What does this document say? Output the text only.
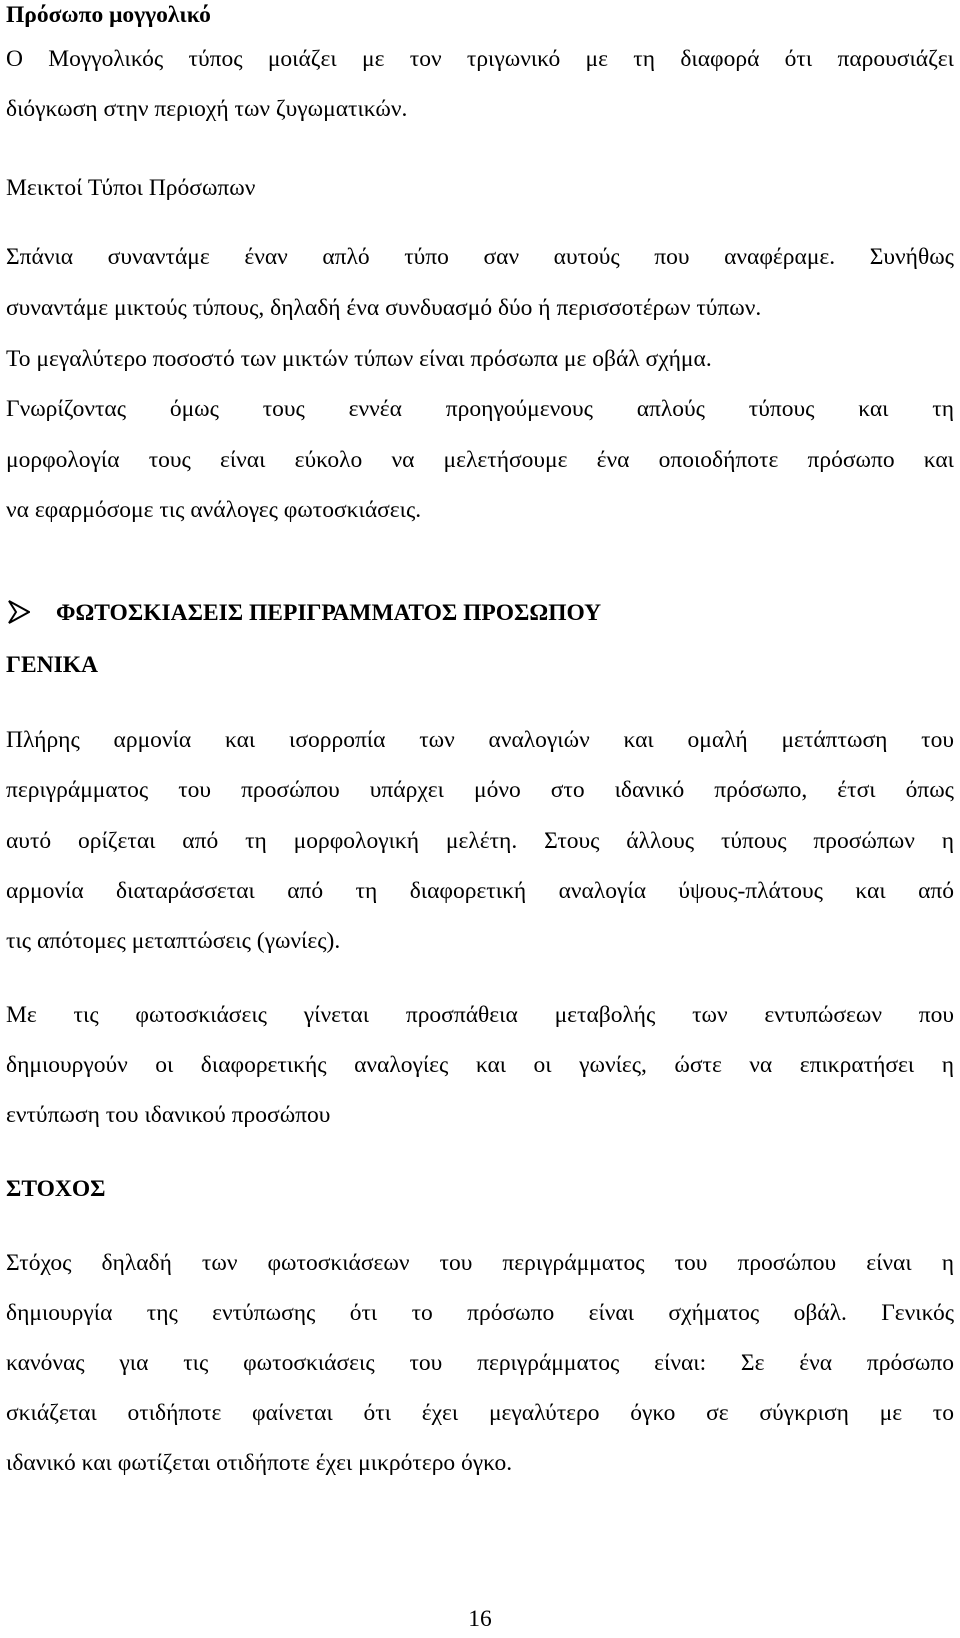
Πρόσωπο μογγολικό
Ο Μογγολικός τύπος μοιάζει με τον τριγωνικό με τη διαφορά ότι παρουσιάζει
διόγκωση στην περιοχή των ζυγωματικών.
Μεικτοί Τύποι Πρόσωπων
Σπάνια συναντάμε έναν απλό τύπο σαν αυτούς που αναφέραμε. Συνήθως
συναντάμε μικτούς τύπους, δηλαδή ένα συνδυασμό δύο ή περισσοτέρων τύπων.
Το μεγαλύτερο ποσοστό των μικτών τύπων είναι πρόσωπα με οβάλ σχήμα.
Γνωρίζοντας όμως τους εννέα προηγούμενους απλούς τύπους και τη
μορφολογία τους είναι εύκολο να μελετήσουμε ένα οποιοδήποτε πρόσωπο και
να εφαρμόσομε τις ανάλογες φωτοσκιάσεις.
ΦΩΤΟΣΚΙΑΣΕΙΣ ΠΕΡΙΓΡΑΜΜΑΤΟΣ ΠΡΟΣΩΠΟΥ
ΓΕΝΙΚΑ
Πλήρης αρμονία και ισορροπία των αναλογιών και ομαλή μετάπτωση του
περιγράμματος του προσώπου υπάρχει μόνο στο ιδανικό πρόσωπο, έτσι όπως
αυτό ορίζεται από τη μορφολογική μελέτη. Στους άλλους τύπους προσώπων η
αρμονία διαταράσσεται από τη διαφορετική αναλογία ύψους-πλάτους και από
τις απότομες μεταπτώσεις (γωνίες).
Με τις φωτοσκιάσεις γίνεται προσπάθεια μεταβολής των εντυπώσεων που
δημιουργούν οι διαφορετικής αναλογίες και οι γωνίες, ώστε να επικρατήσει η
εντύπωση του ιδανικού προσώπου
ΣΤΟΧΟΣ
Στόχος δηλαδή των φωτοσκιάσεων του περιγράμματος του προσώπου είναι η
δημιουργία της εντύπωσης ότι το πρόσωπο είναι σχήματος οβάλ. Γενικός
κανόνας για τις φωτοσκιάσεις του περιγράμματος είναι: Σε ένα πρόσωπο
σκιάζεται οτιδήποτε φαίνεται ότι έχει μεγαλύτερο όγκο σε σύγκριση με το
ιδανικό και φωτίζεται οτιδήποτε έχει μικρότερο όγκο.
16
